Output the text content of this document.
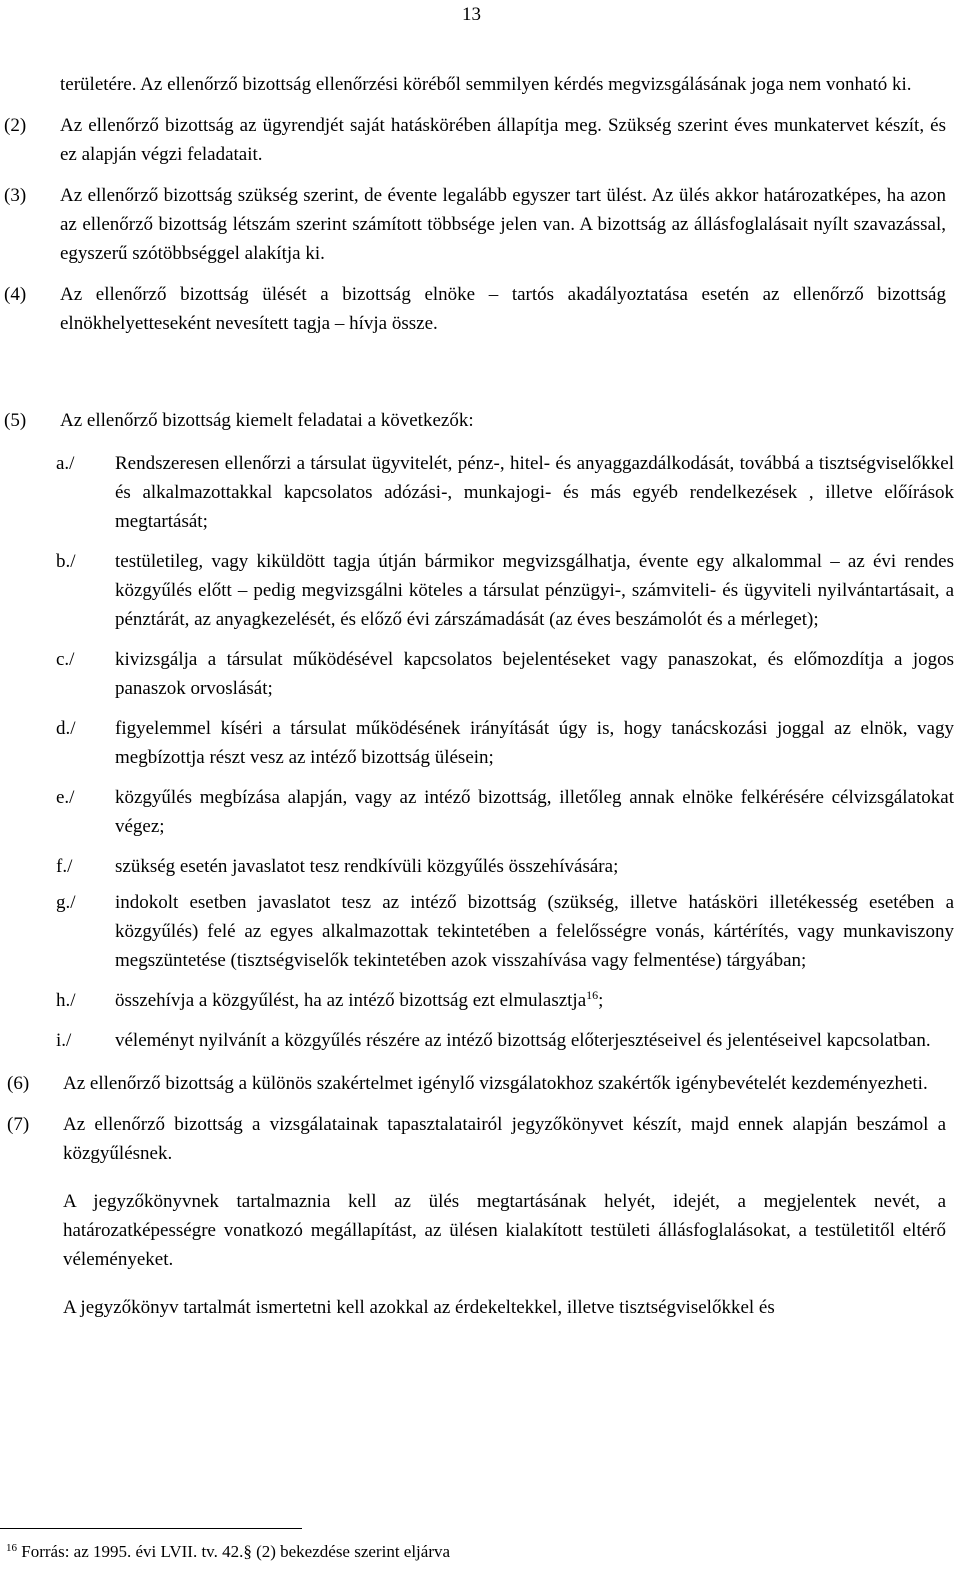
13

területére. Az ellenőrző bizottság ellenőrzési köréből semmilyen kérdés megvizsgálásának joga nem vonható ki.

(2) Az ellenőrző bizottság az ügyrendjét saját hatáskörében állapítja meg. Szükség szerint éves munkatervet készít, és ez alapján végzi feladatait.
(3) Az ellenőrző bizottság szükség szerint, de évente legalább egyszer tart ülést. Az ülés akkor határozatképes, ha azon az ellenőrző bizottság létszám szerint számított többsége jelen van. A bizottság az állásfoglalásait nyílt szavazással, egyszerű szótöbbséggel alakítja ki.
(4) Az ellenőrző bizottság ülését a bizottság elnöke – tartós akadályoztatása esetén az ellenőrző bizottság elnökhelyetteseként nevesített tagja – hívja össze.
(5) Az ellenőrző bizottság kiemelt feladatai a következők:
a./ Rendszeresen ellenőrzi a társulat ügyvitelét, pénz-, hitel- és anyaggazdálkodását, továbbá a tisztségviselőkkel és alkalmazottakkal kapcsolatos adózási-, munkajogi- és más egyéb rendelkezések , illetve előírások megtartását;
b./ testületileg, vagy kiküldött tagja útján bármikor megvizsgálhatja, évente egy alkalommal – az évi rendes közgyűlés előtt – pedig megvizsgálni köteles a társulat pénzügyi-, számviteli- és ügyviteli nyilvántartásait, a pénztárát, az anyagkezelését, és előző évi zárszámadását (az éves beszámolót és a mérleget);
c./ kivizsgálja a társulat működésével kapcsolatos bejelentéseket vagy panaszokat, és előmozdítja a jogos panaszok orvoslását;
d./ figyelemmel kíséri a társulat működésének irányítását úgy is, hogy tanácskozási joggal az elnök, vagy megbízottja részt vesz az intéző bizottság ülésein;
e./ közgyűlés megbízása alapján, vagy az intéző bizottság, illetőleg annak elnöke felkérésére célvizsgálatokat végez;
f./ szükség esetén javaslatot tesz rendkívüli közgyűlés összehívására;
g./ indokolt esetben javaslatot tesz az intéző bizottság (szükség, illetve hatásköri illetékesség esetében a közgyűlés) felé az egyes alkalmazottak tekintetében a felelősségre vonás, kártérítés, vagy munkaviszony megszüntetése (tisztségviselők tekintetében azok visszahívása vagy felmentése) tárgyában;
h./ összehívja a közgyűlést, ha az intéző bizottság ezt elmulasztja$^{16}$;
i./ véleményt nyilvánít a közgyűlés részére az intéző bizottság előterjesztéseivel és jelentéseivel kapcsolatban.
(6) Az ellenőrző bizottság a különös szakértelmet igénylő vizsgálatokhoz szakértők igénybevételét kezdeményezheti.
(7) Az ellenőrző bizottság a vizsgálatainak tapasztalatairól jegyzőkönyvet készít, majd ennek alapján beszámol a közgyűlésnek.

A jegyzőkönyvnek tartalmaznia kell az ülés megtartásának helyét, idejét, a megjelentek nevét, a határozatképességre vonatkozó megállapítást, az ülésen kialakított testületi állásfoglalásokat, a testületitől eltérő véleményeket.

A jegyzőkönyv tartalmát ismertetni kell azokkal az érdekeltekkel, illetve tisztségviselőkkel és

$^{16}$ Forrás: az 1995. évi LVII. tv. 42.§ (2) bekezdése szerint eljárva
